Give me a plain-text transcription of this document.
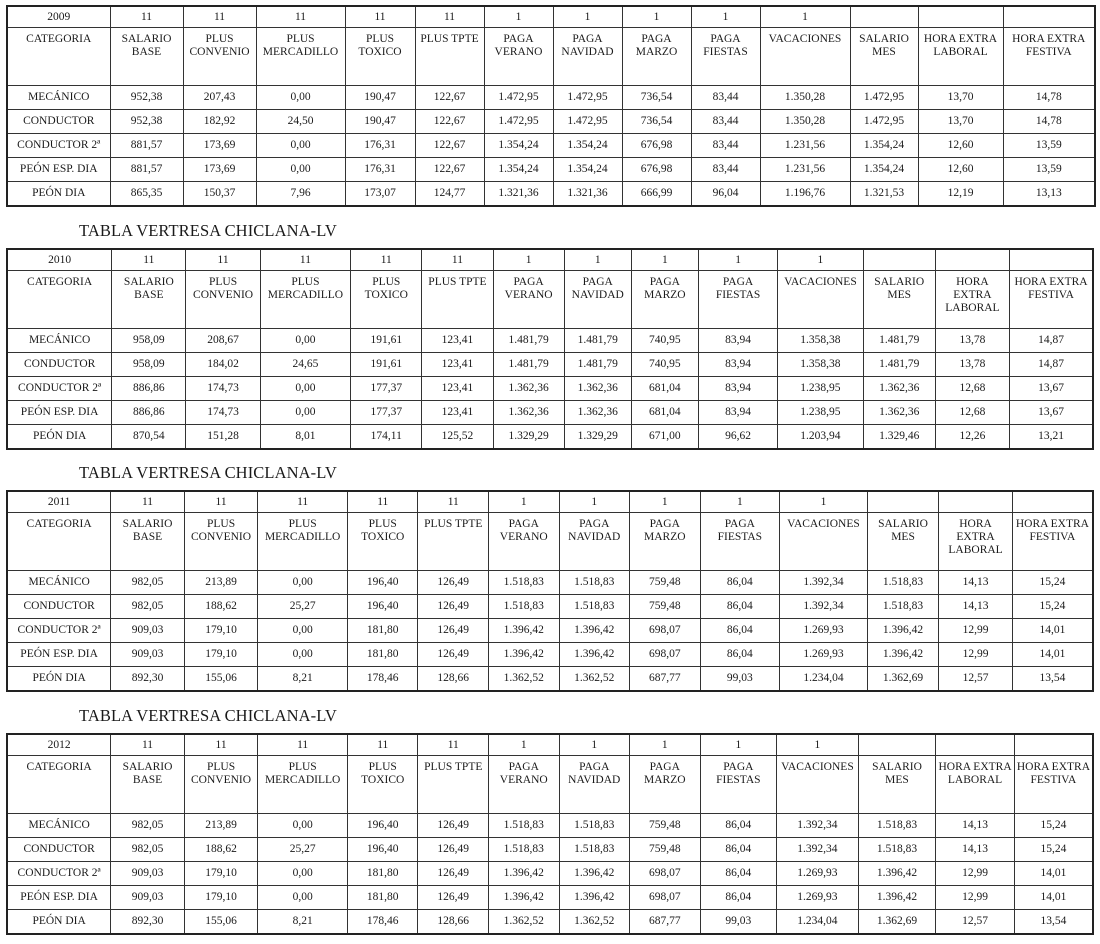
2009	11	11	11	11	11	1	1	1	1	1			
CATEGORIA	SALARIO BASE	PLUS CONVENIO	PLUS MERCADILLO	PLUS TOXICO	PLUS TPTE	PAGA VERANO	PAGA NAVIDAD	PAGA MARZO	PAGA FIESTAS	VACACIONES	SALARIO MES	HORA EXTRA LABORAL	HORA EXTRA FESTIVA
MECÁNICO	952,38	207,43	0,00	190,47	122,67	1.472,95	1.472,95	736,54	83,44	1.350,28	1.472,95	13,70	14,78
CONDUCTOR	952,38	182,92	24,50	190,47	122,67	1.472,95	1.472,95	736,54	83,44	1.350,28	1.472,95	13,70	14,78
CONDUCTOR 2ª	881,57	173,69	0,00	176,31	122,67	1.354,24	1.354,24	676,98	83,44	1.231,56	1.354,24	12,60	13,59
PEÓN ESP. DIA	881,57	173,69	0,00	176,31	122,67	1.354,24	1.354,24	676,98	83,44	1.231,56	1.354,24	12,60	13,59
PEÓN DIA	865,35	150,37	7,96	173,07	124,77	1.321,36	1.321,36	666,99	96,04	1.196,76	1.321,53	12,19	13,13
TABLA VERTRESA CHICLANA-LV
2010	11	11	11	11	11	1	1	1	1	1			
CATEGORIA	SALARIO BASE	PLUS CONVENIO	PLUS MERCADILLO	PLUS TOXICO	PLUS TPTE	PAGA VERANO	PAGA NAVIDAD	PAGA MARZO	PAGA FIESTAS	VACACIONES	SALARIO MES	HORA EXTRA LABORAL	HORA EXTRA FESTIVA
MECÁNICO	958,09	208,67	0,00	191,61	123,41	1.481,79	1.481,79	740,95	83,94	1.358,38	1.481,79	13,78	14,87
CONDUCTOR	958,09	184,02	24,65	191,61	123,41	1.481,79	1.481,79	740,95	83,94	1.358,38	1.481,79	13,78	14,87
CONDUCTOR 2ª	886,86	174,73	0,00	177,37	123,41	1.362,36	1.362,36	681,04	83,94	1.238,95	1.362,36	12,68	13,67
PEÓN ESP. DIA	886,86	174,73	0,00	177,37	123,41	1.362,36	1.362,36	681,04	83,94	1.238,95	1.362,36	12,68	13,67
PEÓN DIA	870,54	151,28	8,01	174,11	125,52	1.329,29	1.329,29	671,00	96,62	1.203,94	1.329,46	12,26	13,21
TABLA VERTRESA CHICLANA-LV
2011	11	11	11	11	11	1	1	1	1	1			
CATEGORIA	SALARIO BASE	PLUS CONVENIO	PLUS MERCADILLO	PLUS TOXICO	PLUS TPTE	PAGA VERANO	PAGA NAVIDAD	PAGA MARZO	PAGA FIESTAS	VACACIONES	SALARIO MES	HORA EXTRA LABORAL	HORA EXTRA FESTIVA
MECÁNICO	982,05	213,89	0,00	196,40	126,49	1.518,83	1.518,83	759,48	86,04	1.392,34	1.518,83	14,13	15,24
CONDUCTOR	982,05	188,62	25,27	196,40	126,49	1.518,83	1.518,83	759,48	86,04	1.392,34	1.518,83	14,13	15,24
CONDUCTOR 2ª	909,03	179,10	0,00	181,80	126,49	1.396,42	1.396,42	698,07	86,04	1.269,93	1.396,42	12,99	14,01
PEÓN ESP. DIA	909,03	179,10	0,00	181,80	126,49	1.396,42	1.396,42	698,07	86,04	1.269,93	1.396,42	12,99	14,01
PEÓN DIA	892,30	155,06	8,21	178,46	128,66	1.362,52	1.362,52	687,77	99,03	1.234,04	1.362,69	12,57	13,54
TABLA VERTRESA CHICLANA-LV
2012	11	11	11	11	11	1	1	1	1	1			
CATEGORIA	SALARIO BASE	PLUS CONVENIO	PLUS MERCADILLO	PLUS TOXICO	PLUS TPTE	PAGA VERANO	PAGA NAVIDAD	PAGA MARZO	PAGA FIESTAS	VACACIONES	SALARIO MES	HORA EXTRA LABORAL	HORA EXTRA FESTIVA
MECÁNICO	982,05	213,89	0,00	196,40	126,49	1.518,83	1.518,83	759,48	86,04	1.392,34	1.518,83	14,13	15,24
CONDUCTOR	982,05	188,62	25,27	196,40	126,49	1.518,83	1.518,83	759,48	86,04	1.392,34	1.518,83	14,13	15,24
CONDUCTOR 2ª	909,03	179,10	0,00	181,80	126,49	1.396,42	1.396,42	698,07	86,04	1.269,93	1.396,42	12,99	14,01
PEÓN ESP. DIA	909,03	179,10	0,00	181,80	126,49	1.396,42	1.396,42	698,07	86,04	1.269,93	1.396,42	12,99	14,01
PEÓN DIA	892,30	155,06	8,21	178,46	128,66	1.362,52	1.362,52	687,77	99,03	1.234,04	1.362,69	12,57	13,54
